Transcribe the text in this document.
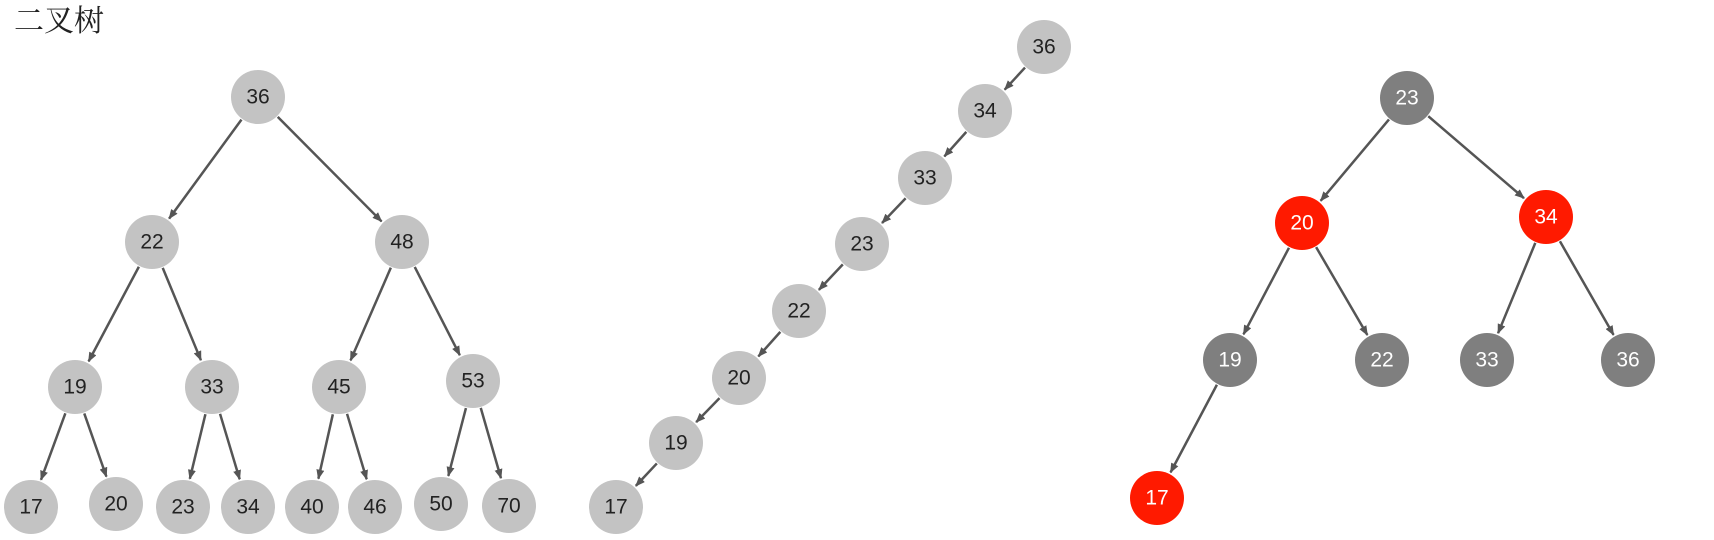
二叉树
36
22	48
19	33	45	53
17	20 23 34 40 46 50 70
36
34
33
23
22
20
19
17
23
20	34
19	22	33	36
17
